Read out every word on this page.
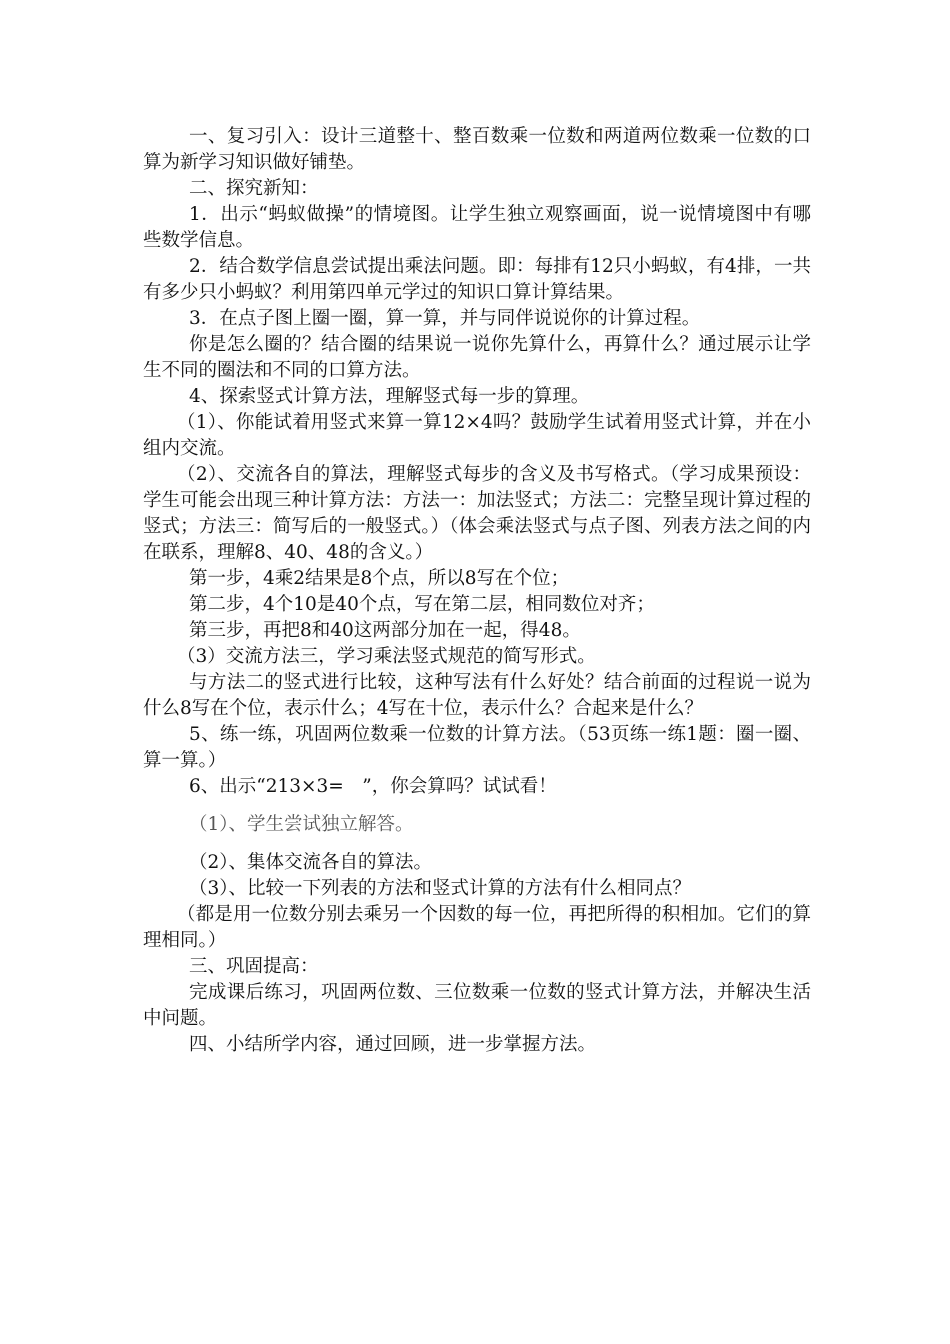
一、复习引入：设计三道整十、整百数乘一位数和两道两位数乘一位数的口算为新学习知识做好铺垫。

二、探究新知：

1．出示“蚂蚁做操”的情境图。让学生独立观察画面，说一说情境图中有哪些数学信息。

2．结合数学信息尝试提出乘法问题。即：每排有12只小蚂蚁，有4排，一共有多少只小蚂蚁？利用第四单元学过的知识口算计算结果。

3．在点子图上圈一圈，算一算，并与同伴说说你的计算过程。

你是怎么圈的？结合圈的结果说一说你先算什么，再算什么？通过展示让学生不同的圈法和不同的口算方法。

4、探索竖式计算方法，理解竖式每一步的算理。

（1）、你能试着用竖式来算一算12×4吗？鼓励学生试着用竖式计算，并在小组内交流。

（2）、交流各自的算法，理解竖式每步的含义及书写格式。（学习成果预设：学生可能会出现三种计算方法：方法一：加法竖式；方法二：完整呈现计算过程的竖式；方法三：简写后的一般竖式。）（体会乘法竖式与点子图、列表方法之间的内在联系，理解8、40、48的含义。）

第一步，4乘2结果是8个点，所以8写在个位；

第二步，4个10是40个点，写在第二层，相同数位对齐；

第三步，再把8和40这两部分加在一起，得48。

（3）交流方法三，学习乘法竖式规范的简写形式。

与方法二的竖式进行比较，这种写法有什么好处？结合前面的过程说一说为什么8写在个位，表示什么；4写在十位，表示什么？合起来是什么？

5、练一练，巩固两位数乘一位数的计算方法。（53页练一练1题：圈一圈、算一算。）

6、出示“213×3=　”，你会算吗？试试看！

（1）、学生尝试独立解答。

（2）、集体交流各自的算法。

（3）、比较一下列表的方法和竖式计算的方法有什么相同点？

（都是用一位数分别去乘另一个因数的每一位，再把所得的积相加。它们的算理相同。）

三、巩固提高：

完成课后练习，巩固两位数、三位数乘一位数的竖式计算方法，并解决生活中问题。

四、小结所学内容，通过回顾，进一步掌握方法。
